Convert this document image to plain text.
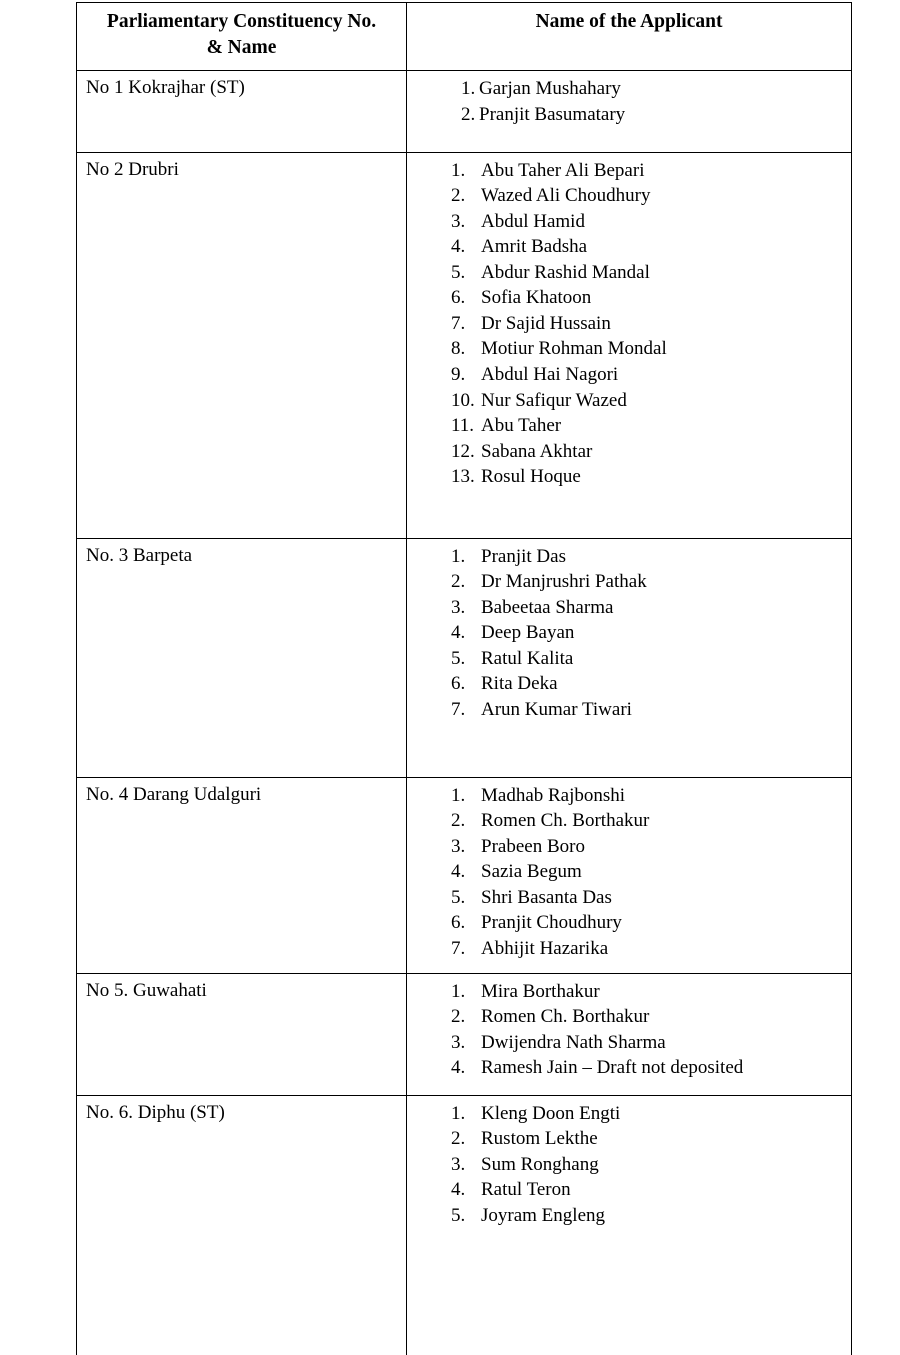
Parliamentary Constituency No.
& Name	Name of the Applicant

No 1 Kokrajhar (ST)	1. Garjan Mushahary
2. Pranjit Basumatary

No 2 Drubri	1. Abu Taher Ali Bepari
2. Wazed Ali Choudhury
3. Abdul Hamid
4. Amrit Badsha
5. Abdur Rashid Mandal
6. Sofia Khatoon
7. Dr Sajid Hussain
8. Motiur Rohman Mondal
9. Abdul Hai Nagori
10. Nur Safiqur Wazed
11. Abu Taher
12. Sabana Akhtar
13. Rosul Hoque

No. 3 Barpeta	1. Pranjit Das
2. Dr Manjrushri Pathak
3. Babeetaa Sharma
4. Deep Bayan
5. Ratul Kalita
6. Rita Deka
7. Arun Kumar Tiwari

No. 4 Darang Udalguri	1. Madhab Rajbonshi
2. Romen Ch. Borthakur
3. Prabeen Boro
4. Sazia Begum
5. Shri Basanta Das
6. Pranjit Choudhury
7. Abhijit Hazarika

No 5. Guwahati	1. Mira Borthakur
2. Romen Ch. Borthakur
3. Dwijendra Nath Sharma
4. Ramesh Jain – Draft not deposited

No. 6. Diphu (ST)	1. Kleng Doon Engti
2. Rustom Lekthe
3. Sum Ronghang
4. Ratul Teron
5. Joyram Engleng
